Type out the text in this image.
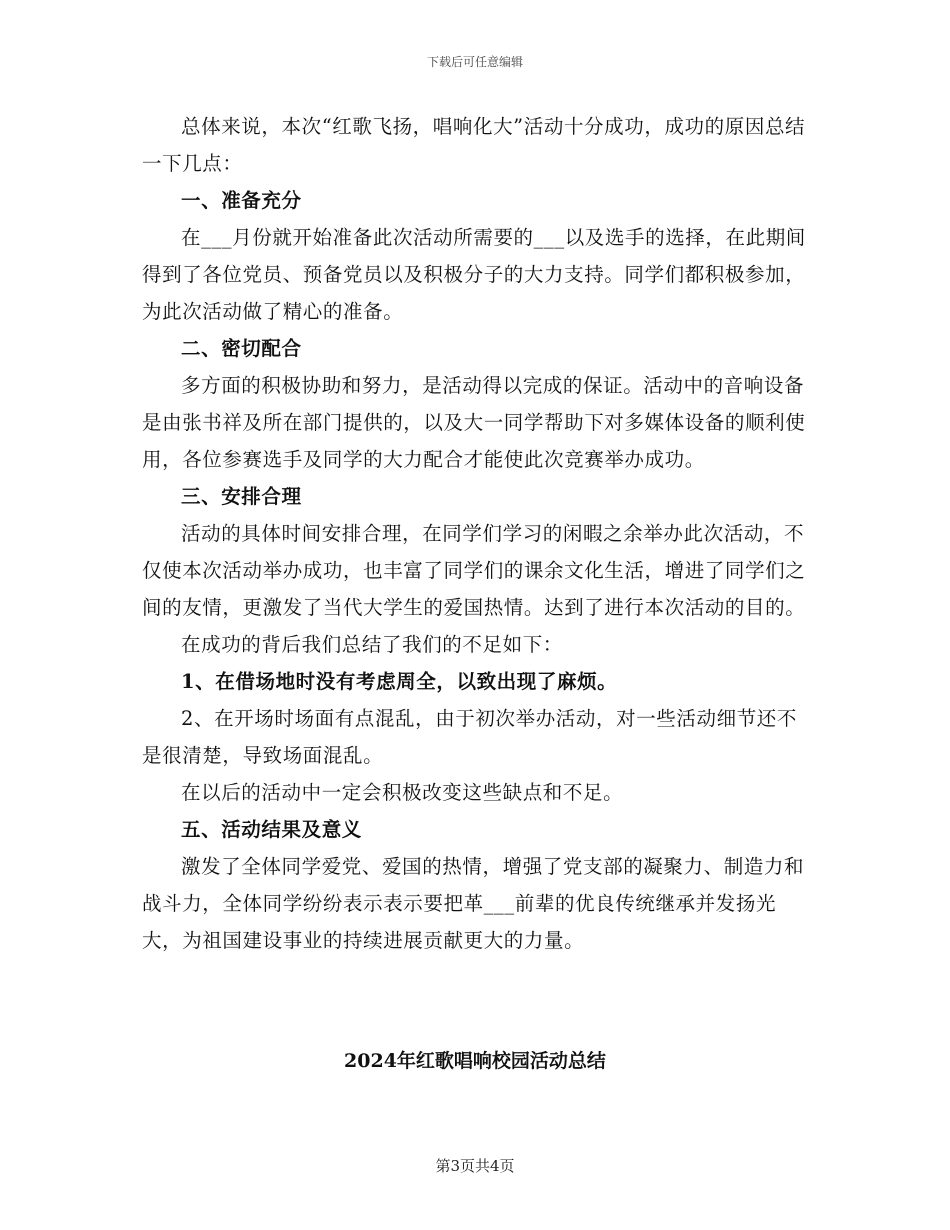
下载后可任意编辑

总体来说，本次“红歌飞扬，唱响化大”活动十分成功，成功的原因总结一下几点：

一、准备充分

在___月份就开始准备此次活动所需要的___以及选手的选择，在此期间得到了各位党员、预备党员以及积极分子的大力支持。同学们都积极参加，为此次活动做了精心的准备。

二、密切配合

多方面的积极协助和努力，是活动得以完成的保证。活动中的音响设备是由张书祥及所在部门提供的，以及大一同学帮助下对多媒体设备的顺利使用，各位参赛选手及同学的大力配合才能使此次竞赛举办成功。

三、安排合理

活动的具体时间安排合理，在同学们学习的闲暇之余举办此次活动，不仅使本次活动举办成功，也丰富了同学们的课余文化生活，增进了同学们之间的友情，更激发了当代大学生的爱国热情。达到了进行本次活动的目的。

在成功的背后我们总结了我们的不足如下：

1、在借场地时没有考虑周全，以致出现了麻烦。

2、在开场时场面有点混乱，由于初次举办活动，对一些活动细节还不是很清楚，导致场面混乱。

在以后的活动中一定会积极改变这些缺点和不足。

五、活动结果及意义

激发了全体同学爱党、爱国的热情，增强了党支部的凝聚力、制造力和战斗力，全体同学纷纷表示表示要把革___前辈的优良传统继承并发扬光大，为祖国建设事业的持续进展贡献更大的力量。

2024年红歌唱响校园活动总结
第3页共4页
